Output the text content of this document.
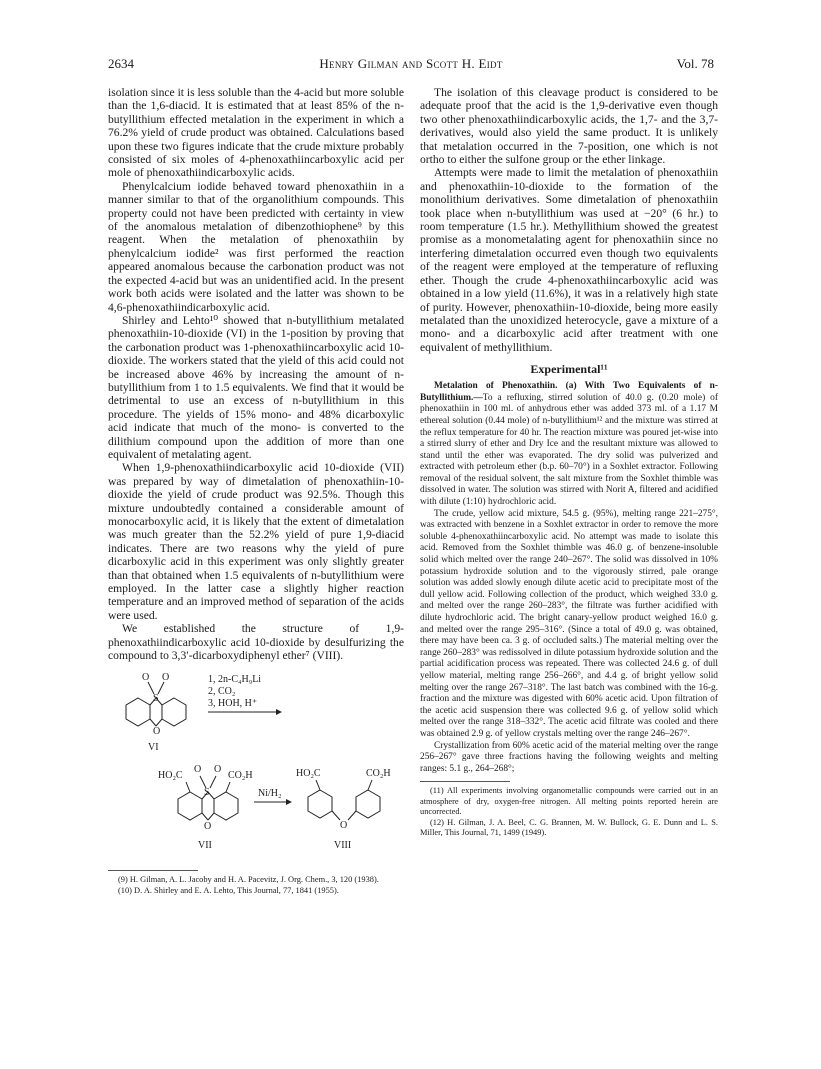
2634	Henry Gilman and Scott H. Eidt	Vol. 78

isolation since it is less soluble than the 4-acid but more soluble than the 1,6-diacid. It is estimated that at least 85% of the n-butyllithium effected metalation in the experiment in which a 76.2% yield of crude product was obtained. Calculations based upon these two figures indicate that the crude mixture probably consisted of six moles of 4-phenoxathiincarboxylic acid per mole of phenoxathiindicarboxylic acids.

Phenylcalcium iodide behaved toward phenoxathiin in a manner similar to that of the organolithium compounds. This property could not have been predicted with certainty in view of the anomalous metalation of dibenzothiophene⁹ by this reagent. When the metalation of phenoxathiin by phenylcalcium iodide² was first performed the reaction appeared anomalous because the carbonation product was not the expected 4-acid but was an unidentified acid. In the present work both acids were isolated and the latter was shown to be 4,6-phenoxathiindicarboxylic acid.

Shirley and Lehto¹⁰ showed that n-butyllithium metalated phenoxathiin-10-dioxide (VI) in the 1-position by proving that the carbonation product was 1-phenoxathiincarboxylic acid 10-dioxide. The workers stated that the yield of this acid could not be increased above 46% by increasing the amount of n-butyllithium from 1 to 1.5 equivalents. We find that it would be detrimental to use an excess of n-butyllithium in this procedure. The yields of 15% mono- and 48% dicarboxylic acid indicate that much of the mono- is converted to the dilithium compound upon the addition of more than one equivalent of metalating agent.

When 1,9-phenoxathiindicarboxylic acid 10-dioxide (VII) was prepared by way of dimetalation of phenoxathiin-10-dioxide the yield of crude product was 92.5%. Though this mixture undoubtedly contained a considerable amount of monocarboxylic acid, it is likely that the extent of dimetalation was much greater than the 52.2% yield of pure 1,9-diacid indicates. There are two reasons why the yield of pure dicarboxylic acid in this experiment was only slightly greater than that obtained when 1.5 equivalents of n-butyllithium were employed. In the latter case a slightly higher reaction temperature and an improved method of separation of the acids were used.

We established the structure of 1,9-phenoxathiindicarboxylic acid 10-dioxide by desulfurizing the compound to 3,3′-dicarboxydiphenyl ether⁷ (VIII).

S
O
O O
VI
1, 2n-C₄H₉Li
2, CO₂
3, HOH, H⁺
HO₂C	CO₂H
O O
S
O
VII
Ni/H₂
HO₂C	CO₂H
O
VIII

(9) H. Gilman, A. L. Jacoby and H. A. Pacevitz, J. Org. Chem., 3, 120 (1938).

(10) D. A. Shirley and E. A. Lehto, This Journal, 77, 1841 (1955).

The isolation of this cleavage product is considered to be adequate proof that the acid is the 1,9-derivative even though two other phenoxathiindicarboxylic acids, the 1,7- and the 3,7-derivatives, would also yield the same product. It is unlikely that metalation occurred in the 7-position, one which is not ortho to either the sulfone group or the ether linkage.

Attempts were made to limit the metalation of phenoxathiin and phenoxathiin-10-dioxide to the formation of the monolithium derivatives. Some dimetalation of phenoxathiin took place when n-butyllithium was used at −20° (6 hr.) to room temperature (1.5 hr.). Methyllithium showed the greatest promise as a monometalating agent for phenoxathiin since no interfering dimetalation occurred even though two equivalents of the reagent were employed at the temperature of refluxing ether. Though the crude 4-phenoxathiincarboxylic acid was obtained in a low yield (11.6%), it was in a relatively high state of purity. However, phenoxathiin-10-dioxide, being more easily metalated than the unoxidized heterocycle, gave a mixture of a mono- and a dicarboxylic acid after treatment with one equivalent of methyllithium.

Experimental¹¹

Metalation of Phenoxathiin. (a) With Two Equivalents of n-Butyllithium.—To a refluxing, stirred solution of 40.0 g. (0.20 mole) of phenoxathiin in 100 ml. of anhydrous ether was added 373 ml. of a 1.17 M ethereal solution (0.44 mole) of n-butyllithium¹² and the mixture was stirred at the reflux temperature for 40 hr. The reaction mixture was poured jet-wise into a stirred slurry of ether and Dry Ice and the resultant mixture was allowed to stand until the ether was evaporated. The dry solid was pulverized and extracted with petroleum ether (b.p. 60–70°) in a Soxhlet extractor. Following removal of the residual solvent, the salt mixture from the Soxhlet thimble was dissolved in water. The solution was stirred with Norit A, filtered and acidified with dilute (1:10) hydrochloric acid.

The crude, yellow acid mixture, 54.5 g. (95%), melting range 221–275°, was extracted with benzene in a Soxhlet extractor in order to remove the more soluble 4-phenoxathiincarboxylic acid. No attempt was made to isolate this acid. Removed from the Soxhlet thimble was 46.0 g. of benzene-insoluble solid which melted over the range 240–267°. The solid was dissolved in 10% potassium hydroxide solution and to the vigorously stirred, pale orange solution was added slowly enough dilute acetic acid to precipitate most of the dull yellow acid. Following collection of the product, which weighed 33.0 g. and melted over the range 260–283°, the filtrate was further acidified with dilute hydrochloric acid. The bright canary-yellow product weighed 16.0 g. and melted over the range 295–316°. (Since a total of 49.0 g. was obtained, there may have been ca. 3 g. of occluded salts.) The material melting over the range 260–283° was redissolved in dilute potassium hydroxide solution and the partial acidification process was repeated. There was collected 24.6 g. of dull yellow material, melting range 256–266°, and 4.4 g. of bright yellow solid melting over the range 267–318°. The last batch was combined with the 16-g. fraction and the mixture was digested with 60% acetic acid. Upon filtration of the acetic acid suspension there was collected 9.6 g. of yellow solid which melted over the range 318–332°. The acetic acid filtrate was cooled and there was obtained 2.9 g. of yellow crystals melting over the range 246–267°.

Crystallization from 60% acetic acid of the material melting over the range 256–267° gave three fractions having the following weights and melting ranges: 5.1 g., 264–268°;

(11) All experiments involving organometallic compounds were carried out in an atmosphere of dry, oxygen-free nitrogen. All melting points reported herein are uncorrected.

(12) H. Gilman, J. A. Beel, C. G. Brannen, M. W. Bullock, G. E. Dunn and L. S. Miller, This Journal, 71, 1499 (1949).
